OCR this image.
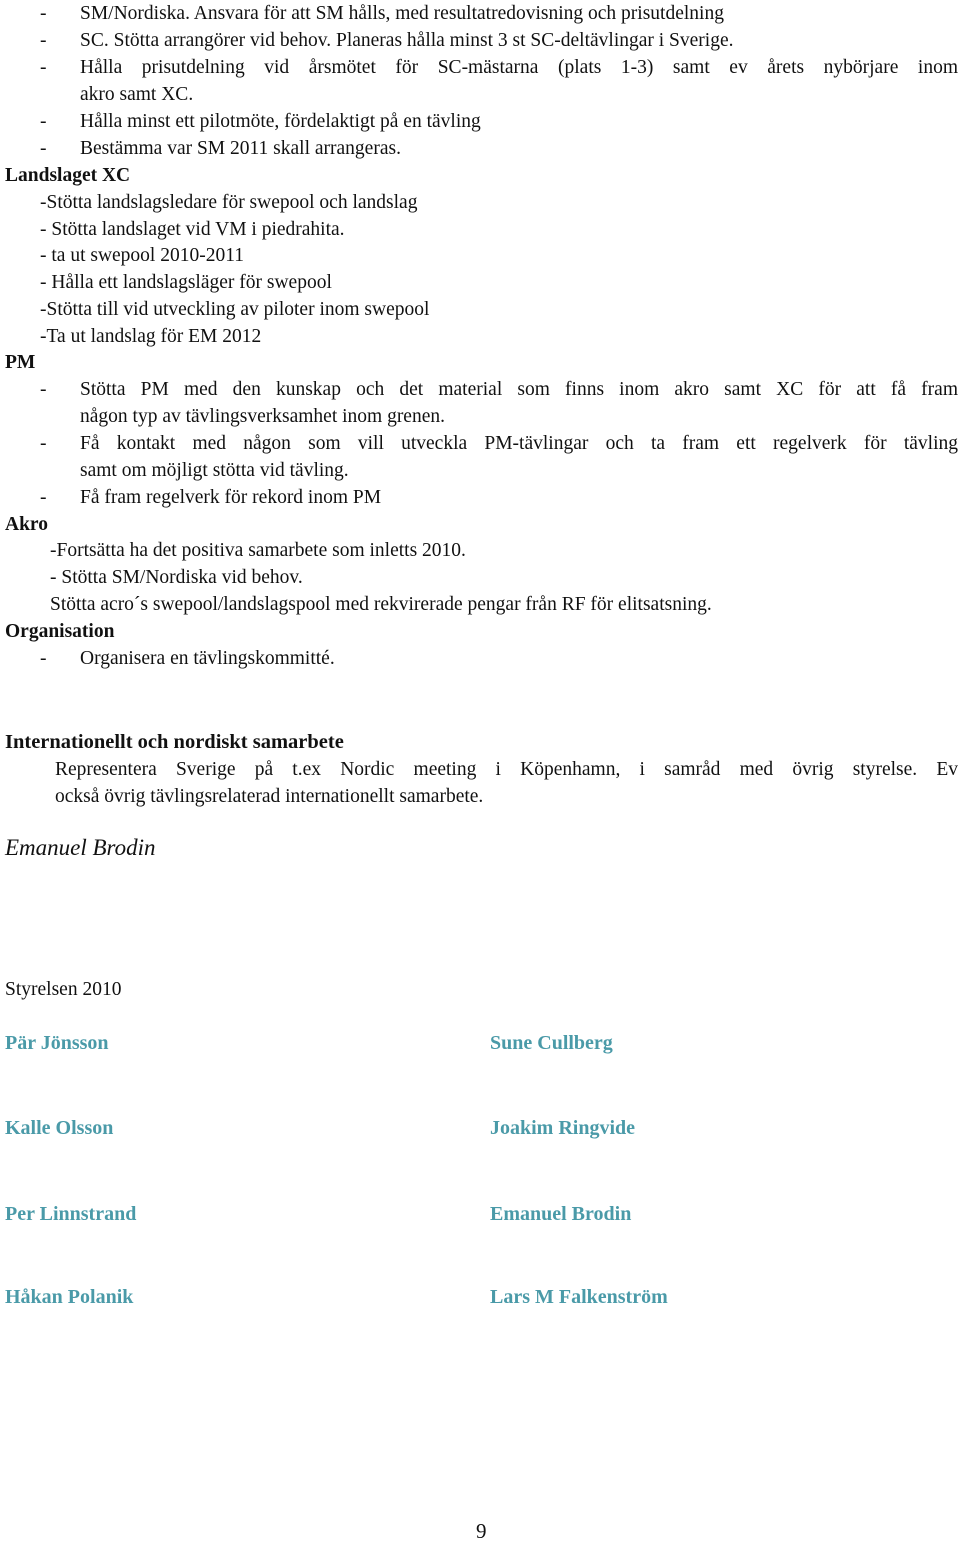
- SM/Nordiska. Ansvara för att SM hålls, med resultatredovisning och prisutdelning
- SC. Stötta arrangörer vid behov. Planeras hålla minst 3 st SC-deltävlingar i Sverige.
- Hålla prisutdelning vid årsmötet för SC-mästarna (plats 1-3) samt ev årets nybörjare inom
akro samt XC.
- Hålla minst ett pilotmöte, fördelaktigt på en tävling
- Bestämma var SM 2011 skall arrangeras.
Landslaget XC
-Stötta landslagsledare för swepool och landslag
- Stötta landslaget vid VM i piedrahita.
- ta ut swepool 2010-2011
- Hålla ett landslagsläger för swepool
-Stötta till vid utveckling av piloter inom swepool
-Ta ut landslag för EM 2012
PM
- Stötta PM med den kunskap och det material som finns inom akro samt XC för att få fram
någon typ av tävlingsverksamhet inom grenen.
- Få kontakt med någon som vill utveckla PM-tävlingar och ta fram ett regelverk för tävling
samt om möjligt stötta vid tävling.
- Få fram regelverk för rekord inom PM
Akro
-Fortsätta ha det positiva samarbete som inletts 2010.
- Stötta SM/Nordiska vid behov.
Stötta acro´s swepool/landslagspool med rekvirerade pengar från RF för elitsatsning.
Organisation
- Organisera en tävlingskommitté.
Internationellt och nordiskt samarbete
Representera Sverige på t.ex Nordic meeting i Köpenhamn, i samråd med övrig styrelse. Ev
också övrig tävlingsrelaterad internationellt samarbete.
Emanuel Brodin
Styrelsen 2010
Pär Jönsson	Sune Cullberg
Kalle Olsson	Joakim Ringvide
Per Linnstrand	Emanuel Brodin
Håkan Polanik	Lars M Falkenström
9
